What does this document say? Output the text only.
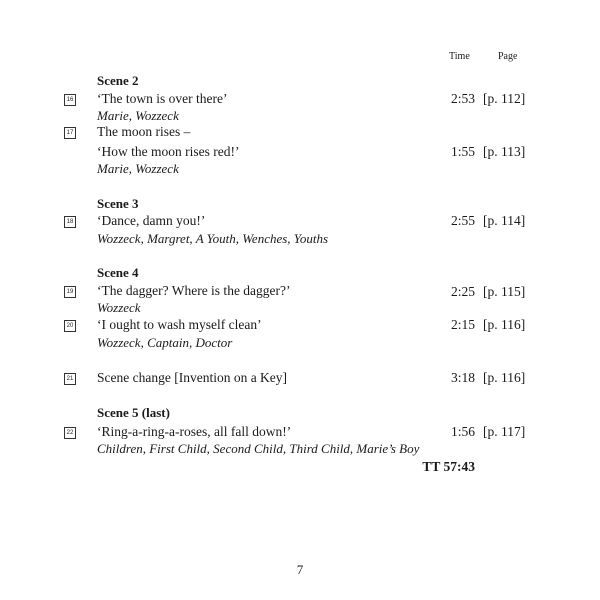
Time	Page
Scene 2
16 ‘The town is over there’	2:53 [p. 112]
Marie, Wozzeck
17 The moon rises –
‘How the moon rises red!’	1:55 [p. 113]
Marie, Wozzeck
Scene 3
18 ‘Dance, damn you!’	2:55 [p. 114]
Wozzeck, Margret, A Youth, Wenches, Youths
Scene 4
19 ‘The dagger? Where is the dagger?’	2:25 [p. 115]
Wozzeck
20 ‘I ought to wash myself clean’	2:15 [p. 116]
Wozzeck, Captain, Doctor
21 Scene change [Invention on a Key]	3:18 [p. 116]
Scene 5 (last)
22 ‘Ring-a-ring-a-roses, all fall down!’	1:56 [p. 117]
Children, First Child, Second Child, Third Child, Marie’s Boy
TT 57:43
7
